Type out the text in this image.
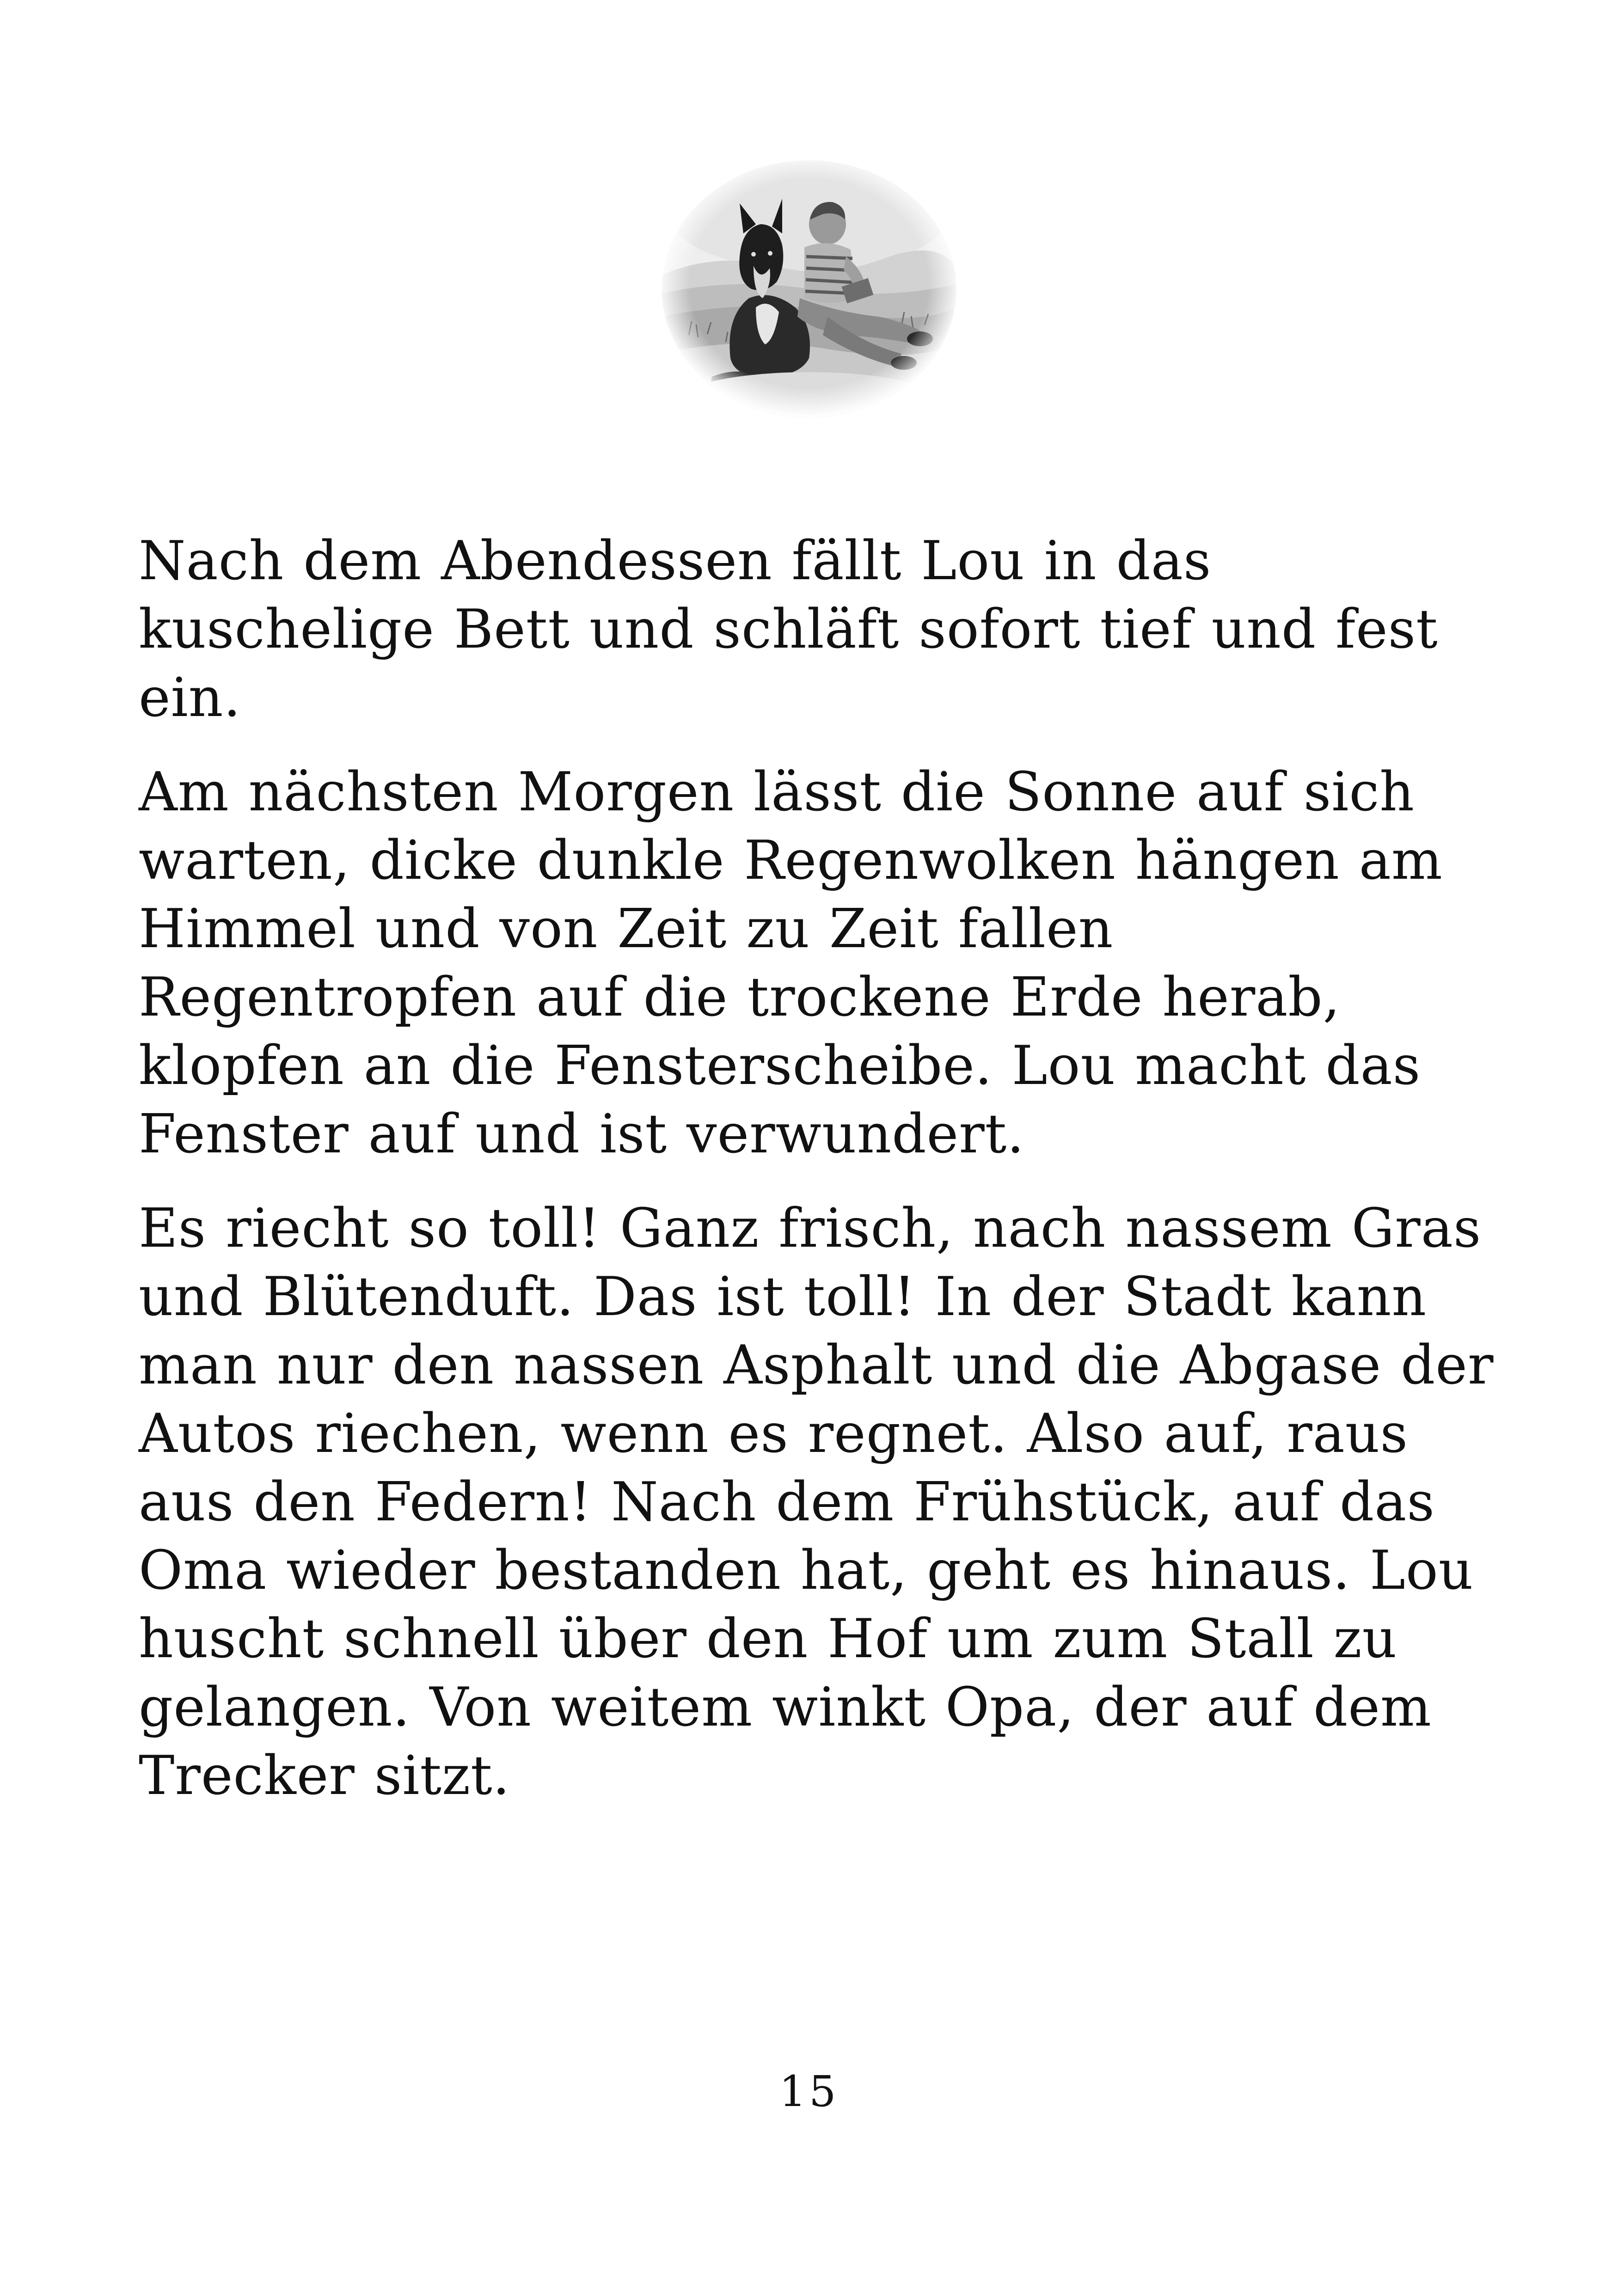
Nach dem Abendessen fällt Lou in das kuschelige Bett und schläft sofort tief und fest ein.

Am nächsten Morgen lässt die Sonne auf sich warten, dicke dunkle Regenwolken hängen am Himmel und von Zeit zu Zeit fallen Regentropfen auf die trockene Erde herab, klopfen an die Fensterscheibe. Lou macht das Fenster auf und ist verwundert.

Es riecht so toll! Ganz frisch, nach nassem Gras und Blütenduft. Das ist toll! In der Stadt kann man nur den nassen Asphalt und die Abgase der Autos riechen, wenn es regnet. Also auf, raus aus den Federn! Nach dem Frühstück, auf das Oma wieder bestanden hat, geht es hinaus. Lou huscht schnell über den Hof um zum Stall zu gelangen. Von weitem winkt Opa, der auf dem Trecker sitzt.

15
